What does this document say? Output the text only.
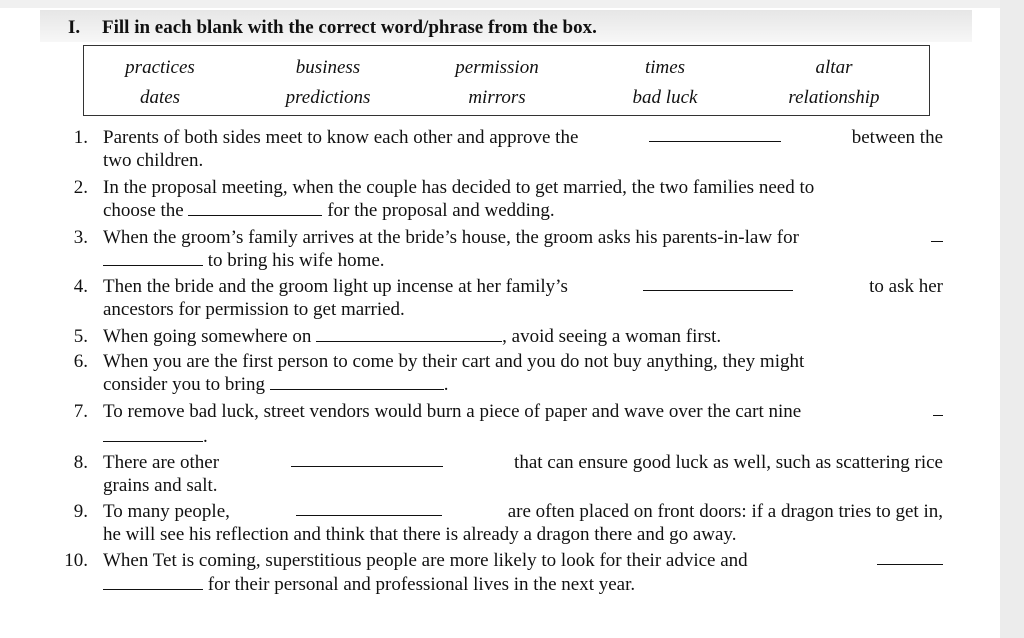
I. Fill in each blank with the correct word/phrase from the box.
practices	business	permission	times	altar
dates	predictions	mirrors	bad luck	relationship
1. Parents of both sides meet to know each other and approve the	between the
two children.
2. In the proposal meeting, when the couple has decided to get married, the two families need to
choose the	for the proposal and wedding.
3. When the groom’s family arrives at the bride’s house, the groom asks his parents-in-law for
to bring his wife home.
4. Then the bride and the groom light up incense at her family’s	to ask her
ancestors for permission to get married.
5. When going somewhere on	, avoid seeing a woman first.
6. When you are the first person to come by their cart and you do not buy anything, they might
consider you to bring	.
7. To remove bad luck, street vendors would burn a piece of paper and wave over the cart nine
.
8. There are other	that can ensure good luck as well, such as scattering rice
grains and salt.
9. To many people,	are often placed on front doors: if a dragon tries to get in,
he will see his reflection and think that there is already a dragon there and go away.
10. When Tet is coming, superstitious people are more likely to look for their advice and
for their personal and professional lives in the next year.
